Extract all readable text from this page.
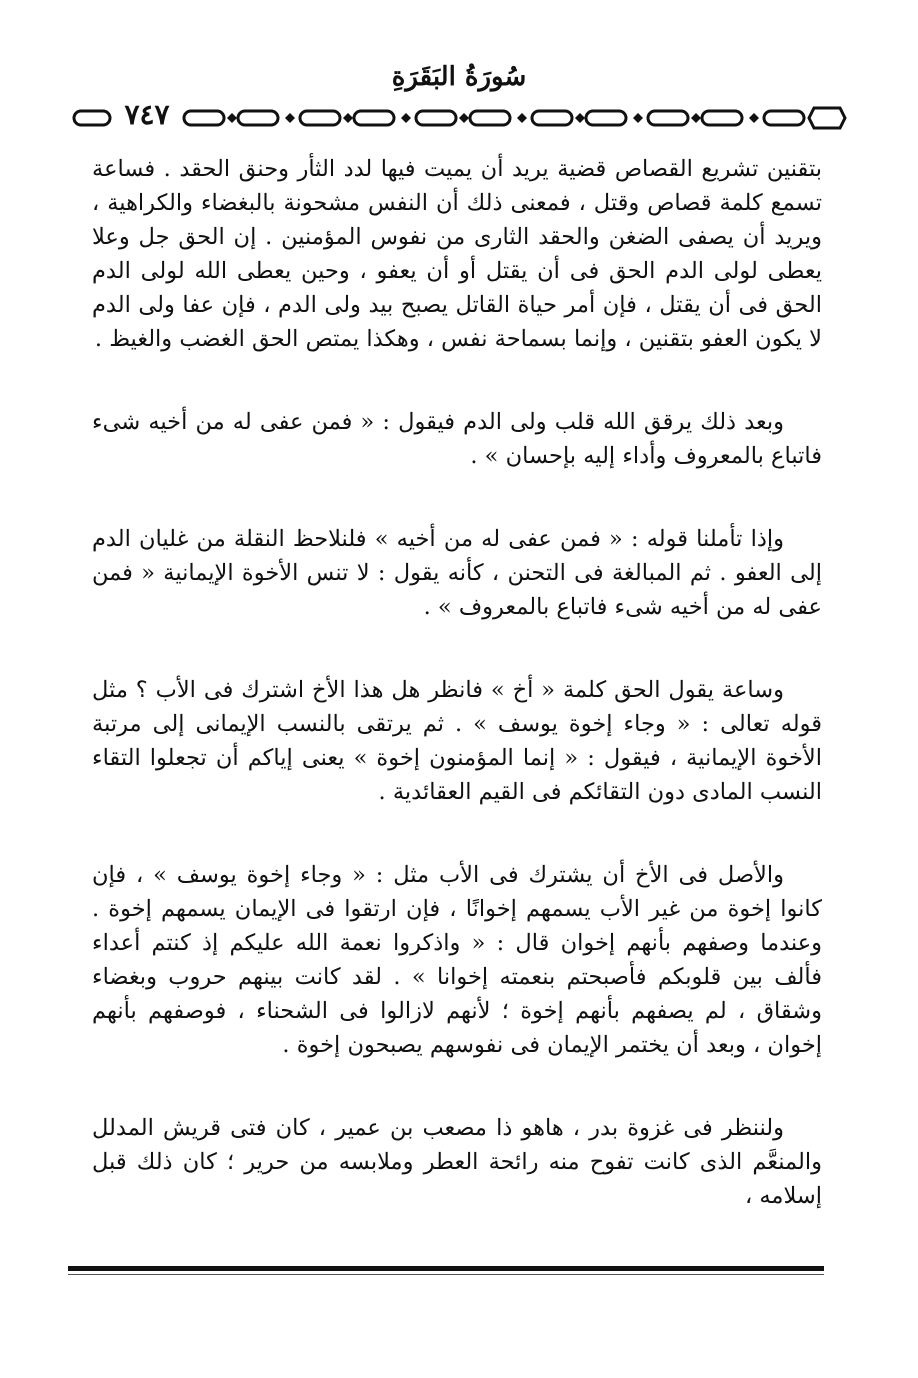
سُورَةُ البَقَرَةِ
٧٤٧

بتقنين تشريع القصاص قضية يريد أن يميت فيها لدد الثأر وحنق الحقد . فساعة تسمع كلمة قصاص وقتل ، فمعنى ذلك أن النفس مشحونة بالبغضاء والكراهية ، ويريد أن يصفى الضغن والحقد الثارى من نفوس المؤمنين . إن الحق جل وعلا يعطى لولى الدم الحق فى أن يقتل أو أن يعفو ، وحين يعطى الله لولى الدم الحق فى أن يقتل ، فإن أمر حياة القاتل يصبح بيد ولى الدم ، فإن عفا ولى الدم لا يكون العفو بتقنين ، وإنما بسماحة نفس ، وهكذا يمتص الحق الغضب والغيظ .

وبعد ذلك يرقق الله قلب ولى الدم فيقول : « فمن عفى له من أخيه شىء فاتباع بالمعروف وأداء إليه بإحسان » .

وإذا تأملنا قوله : « فمن عفى له من أخيه » فلنلاحظ النقلة من غليان الدم إلى العفو . ثم المبالغة فى التحنن ، كأنه يقول : لا تنس الأخوة الإيمانية « فمن عفى له من أخيه شىء فاتباع بالمعروف » .

وساعة يقول الحق كلمة « أخ » فانظر هل هذا الأخ اشترك فى الأب ؟ مثل قوله تعالى : « وجاء إخوة يوسف » . ثم يرتقى بالنسب الإيمانى إلى مرتبة الأخوة الإيمانية ، فيقول : « إنما المؤمنون إخوة » يعنى إياكم أن تجعلوا التقاء النسب المادى دون التقائكم فى القيم العقائدية .

والأصل فى الأخ أن يشترك فى الأب مثل : « وجاء إخوة يوسف » ، فإن كانوا إخوة من غير الأب يسمهم إخوانًا ، فإن ارتقوا فى الإيمان يسمهم إخوة . وعندما وصفهم بأنهم إخوان قال : « واذكروا نعمة الله عليكم إذ كنتم أعداء فألف بين قلوبكم فأصبحتم بنعمته إخوانا » . لقد كانت بينهم حروب وبغضاء وشقاق ، لم يصفهم بأنهم إخوة ؛ لأنهم لازالوا فى الشحناء ، فوصفهم بأنهم إخوان ، وبعد أن يختمر الإيمان فى نفوسهم يصبحون إخوة .

ولننظر فى غزوة بدر ، هاهو ذا مصعب بن عمير ، كان فتى قريش المدلل والمنعَّم الذى كانت تفوح منه رائحة العطر وملابسه من حرير ؛ كان ذلك قبل إسلامه ،
